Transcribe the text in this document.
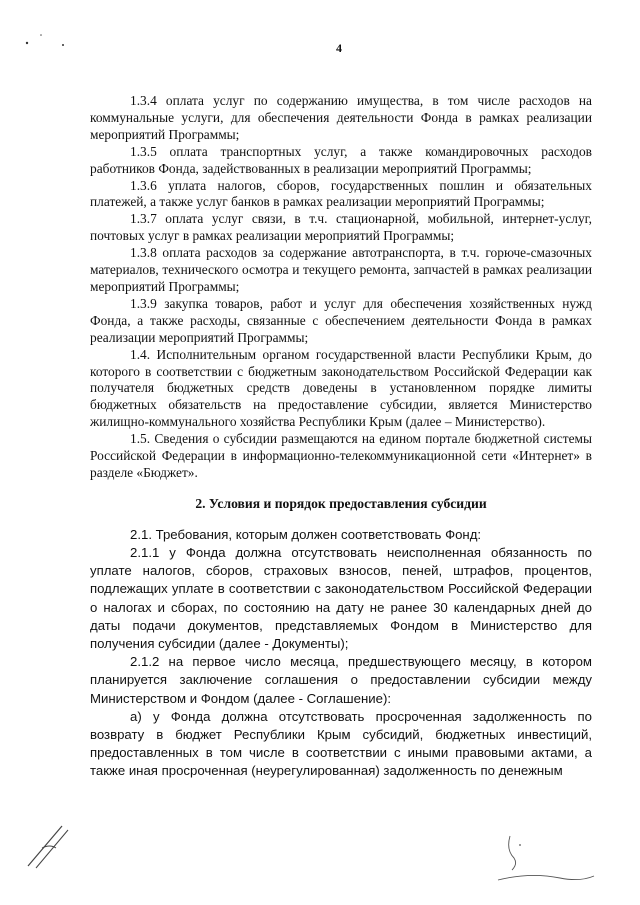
4

1.3.4 оплата услуг по содержанию имущества, в том числе расходов на коммунальные услуги, для обеспечения деятельности Фонда в рамках реализации мероприятий Программы;

1.3.5 оплата транспортных услуг, а также командировочных расходов работников Фонда, задействованных в реализации мероприятий Программы;

1.3.6 уплата налогов, сборов, государственных пошлин и обязательных платежей, а также услуг банков в рамках реализации мероприятий Программы;

1.3.7 оплата услуг связи, в т.ч. стационарной, мобильной, интернет-услуг, почтовых услуг в рамках реализации мероприятий Программы;

1.3.8 оплата расходов за содержание автотранспорта, в т.ч. горюче-смазочных материалов, технического осмотра и текущего ремонта, запчастей в рамках реализации мероприятий Программы;

1.3.9 закупка товаров, работ и услуг для обеспечения хозяйственных нужд Фонда, а также расходы, связанные с обеспечением деятельности Фонда в рамках реализации мероприятий Программы;

1.4. Исполнительным органом государственной власти Республики Крым, до которого в соответствии с бюджетным законодательством Российской Федерации как получателя бюджетных средств доведены в установленном порядке лимиты бюджетных обязательств на предоставление субсидии, является Министерство жилищно-коммунального хозяйства Республики Крым (далее – Министерство).

1.5. Сведения о субсидии размещаются на едином портале бюджетной системы Российской Федерации в информационно-телекоммуникационной сети «Интернет» в разделе «Бюджет».

2. Условия и порядок предоставления субсидии

2.1. Требования, которым должен соответствовать Фонд:

2.1.1 у Фонда должна отсутствовать неисполненная обязанность по уплате налогов, сборов, страховых взносов, пеней, штрафов, процентов, подлежащих уплате в соответствии с законодательством Российской Федерации о налогах и сборах, по состоянию на дату не ранее 30 календарных дней до даты подачи документов, представляемых Фондом в Министерство для получения субсидии (далее - Документы);

2.1.2 на первое число месяца, предшествующего месяцу, в котором планируется заключение соглашения о предоставлении субсидии между Министерством и Фондом (далее - Соглашение):

а) у Фонда должна отсутствовать просроченная задолженность по возврату в бюджет Республики Крым субсидий, бюджетных инвестиций, предоставленных в том числе в соответствии с иными правовыми актами, а также иная просроченная (неурегулированная) задолженность по денежным
